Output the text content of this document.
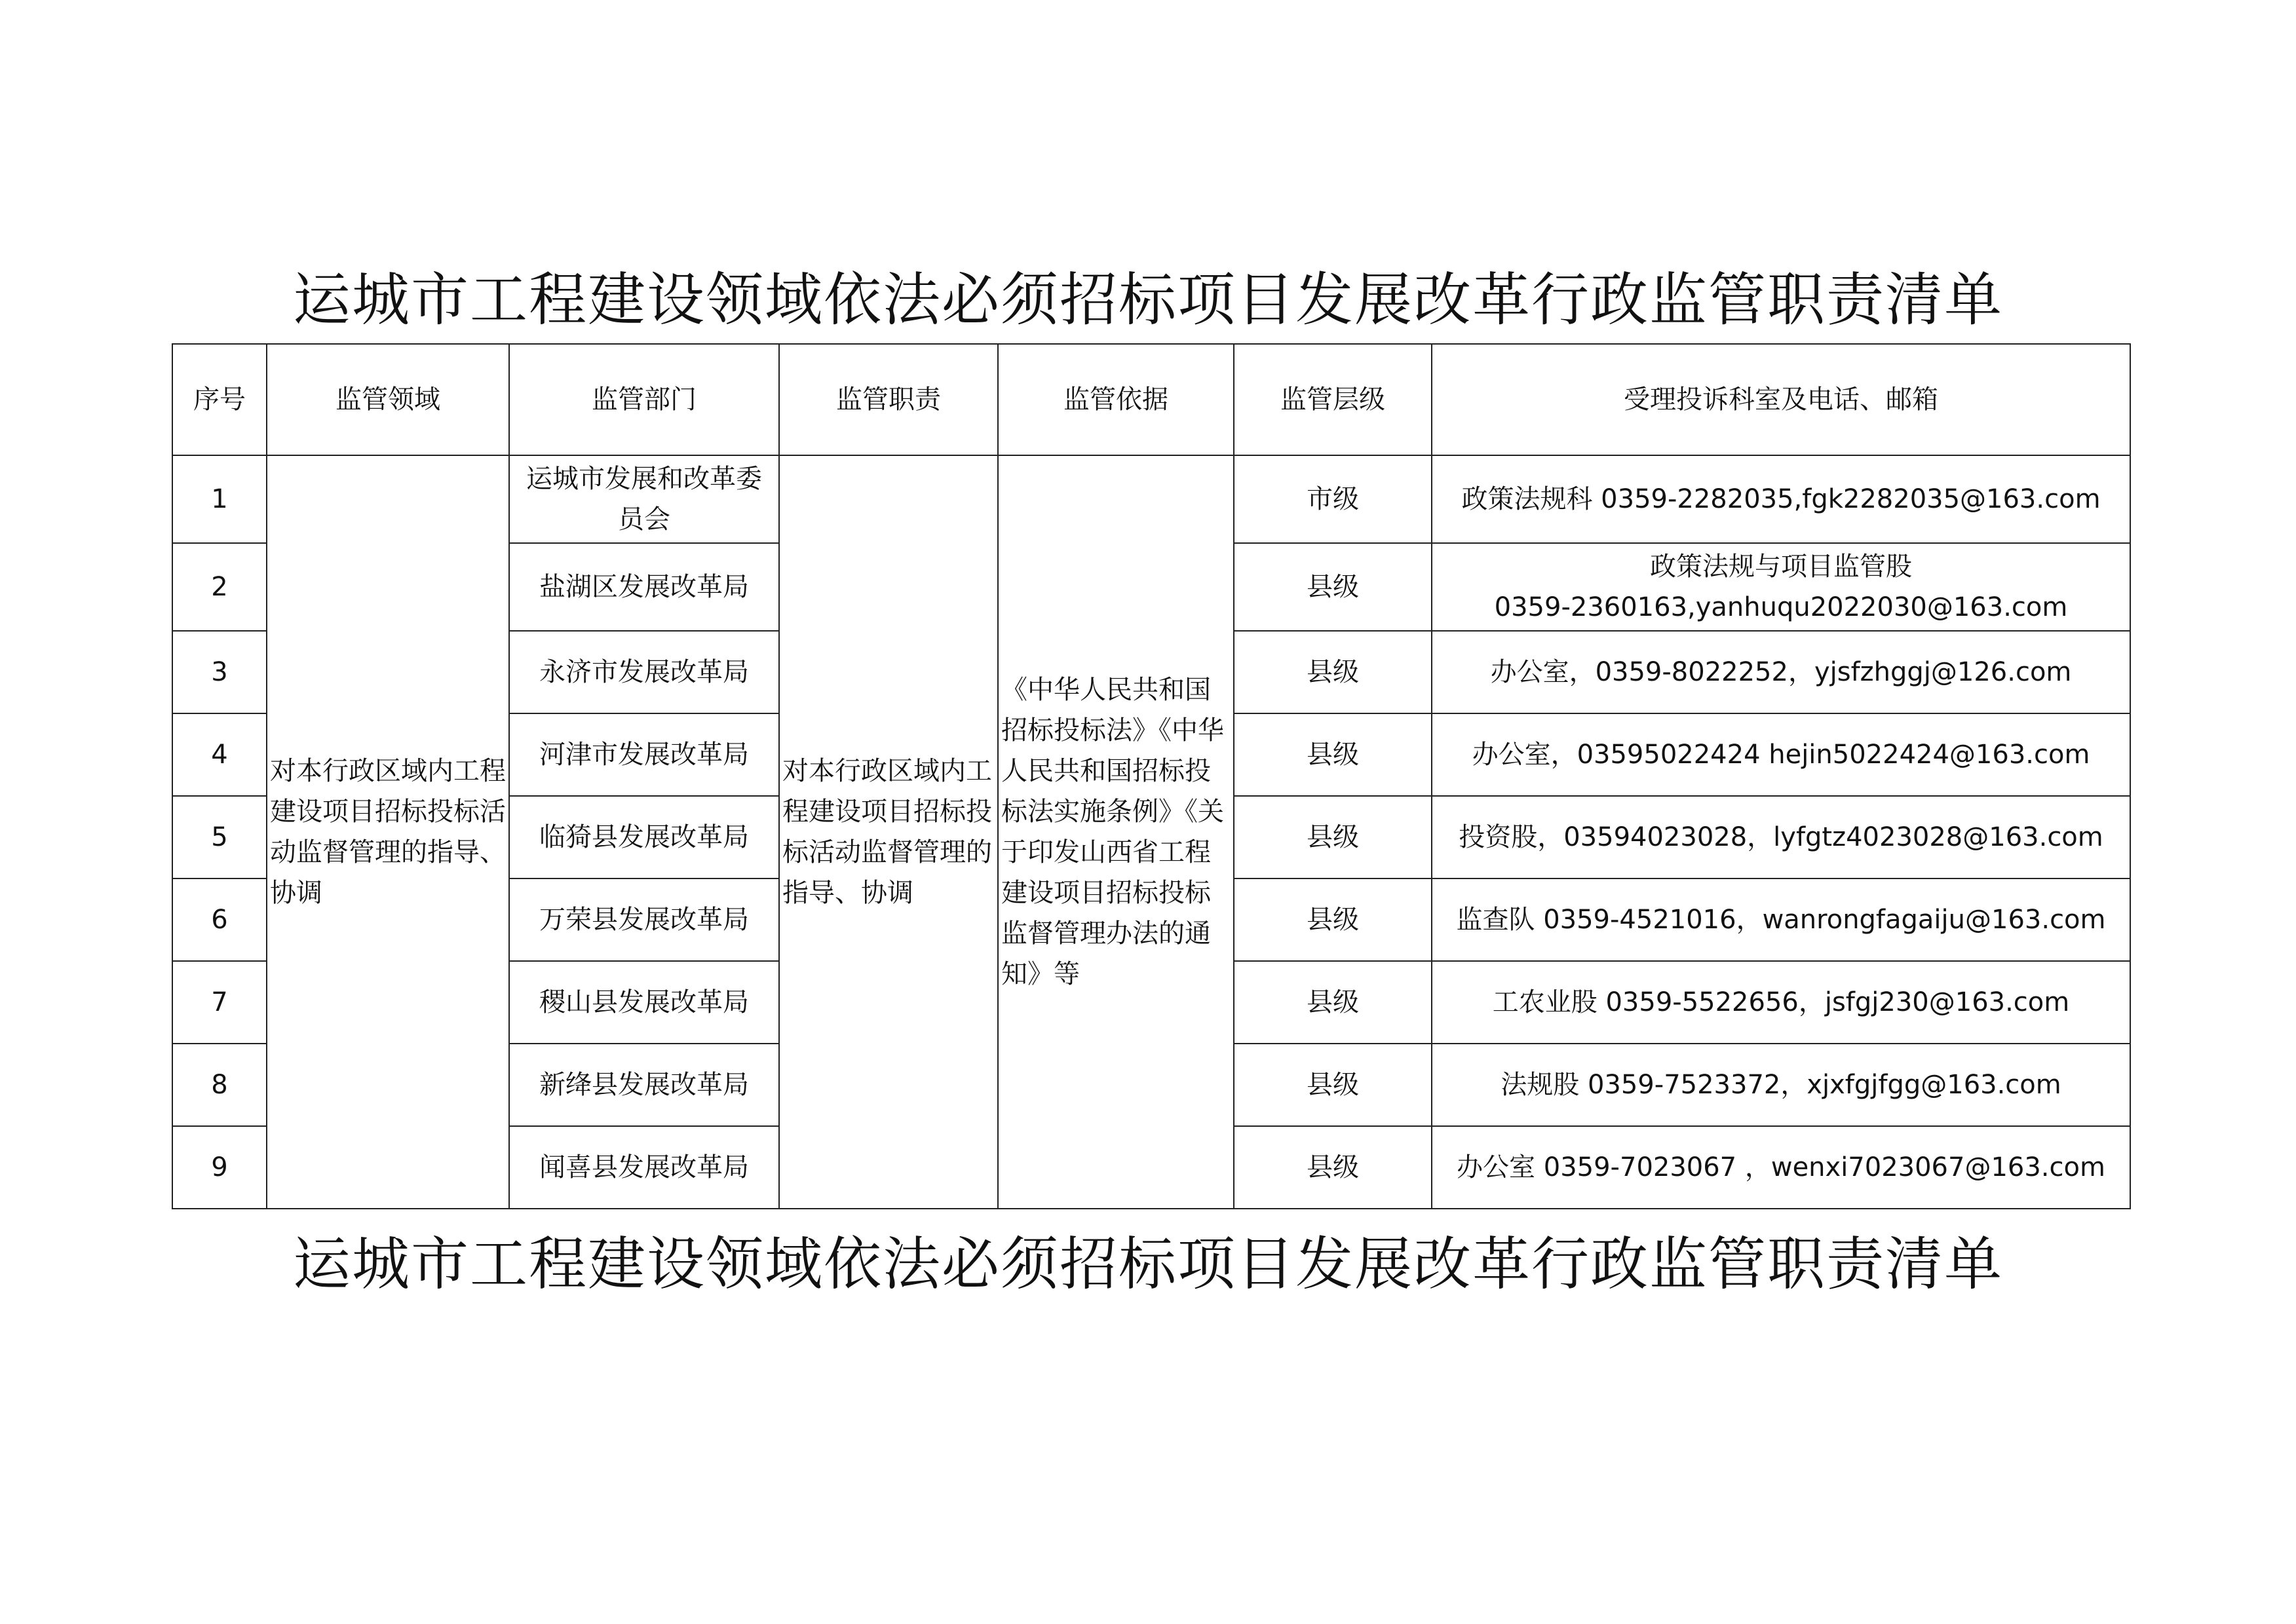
运城市工程建设领域依法必须招标项目发展改革行政监管职责清单
序号	监管领域	监管部门	监管职责	监管依据	监管层级	受理投诉科室及电话、邮箱
1	对本行政区域内工程建设项目招标投标活动监督管理的指导、协调	运城市发展和改革委员会	对本行政区域内工程建设项目招标投标活动监督管理的指导、协调	《中华人民共和国招标投标法》《中华人民共和国招标投标法实施条例》《关于印发山西省工程建设项目招标投标监督管理办法的通知》等	市级	政策法规科 0359-2282035,fgk2282035@163.com
2		盐湖区发展改革局			县级	政策法规与项目监管股
0359-2360163,yanhuqu2022030@163.com

3		永济市发展改革局			县级	办公室，0359-8022252，yjsfzhggj@126.com
4		河津市发展改革局			县级	办公室，03595022424 hejin5022424@163.com
5		临猗县发展改革局			县级	投资股，03594023028，lyfgtz4023028@163.com
6		万荣县发展改革局			县级	监查队 0359-4521016，wanrongfagaiju@163.com
7		稷山县发展改革局			县级	工农业股 0359-5522656，jsfgj230@163.com
8		新绛县发展改革局			县级	法规股 0359-7523372，xjxfgjfgg@163.com
9		闻喜县发展改革局			县级	办公室 0359-7023067 ，wenxi7023067@163.com
运城市工程建设领域依法必须招标项目发展改革行政监管职责清单
